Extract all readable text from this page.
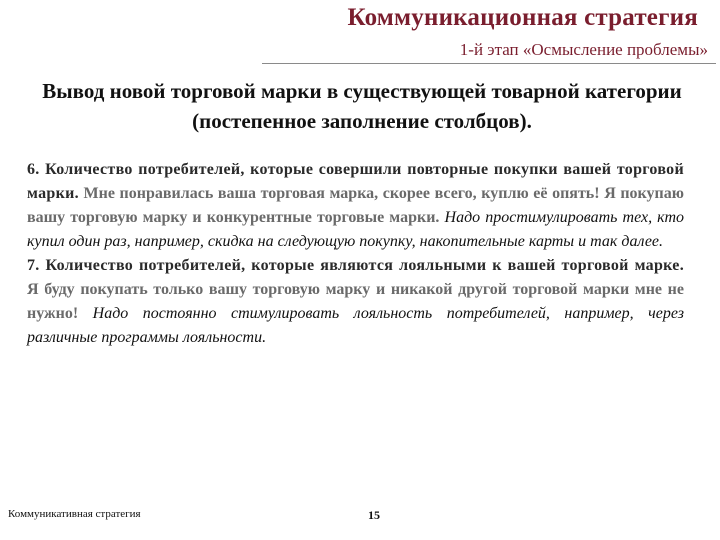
Коммуникационная стратегия
1-й этап «Осмысление проблемы»
Вывод новой торговой марки в существующей товарной категории (постепенное заполнение столбцов).

6. Количество потребителей, которые совершили повторные покупки вашей торговой марки. Мне понравилась ваша торговая марка, скорее всего, куплю её опять! Я покупаю вашу торговую марку и конкурентные торговые марки. Надо простимулировать тех, кто купил один раз, например, скидка на следующую покупку, накопительные карты и так далее.

7. Количество потребителей, которые являются лояльными к вашей торговой марке. Я буду покупать только вашу торговую марку и никакой другой торговой марки мне не нужно! Надо постоянно стимулировать лояльность потребителей, например, через различные программы лояльности.

Коммуникативная стратегия	15
